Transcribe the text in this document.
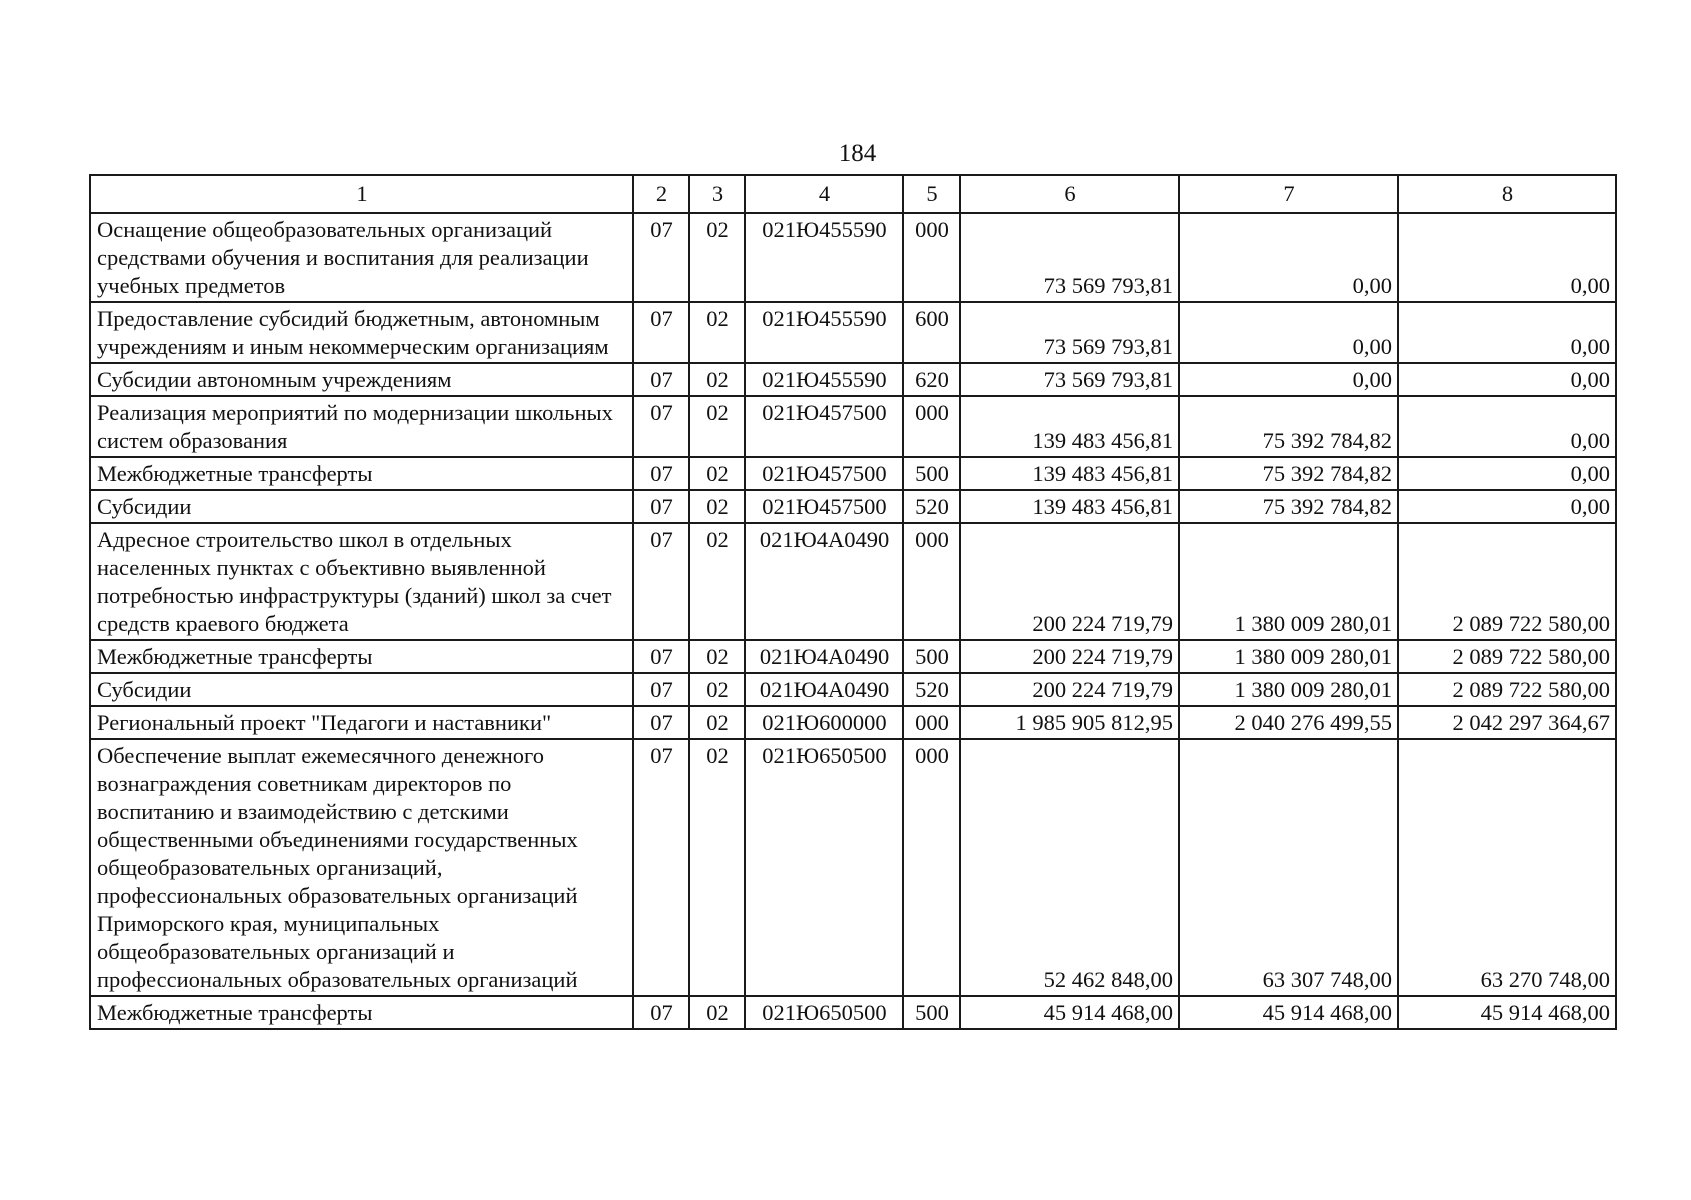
184
1	2	3	4	5	6	7	8
Оснащение общеобразовательных организаций средствами обучения и воспитания для реализации учебных предметов	07	02	021Ю455590	000	73 569 793,81	0,00	0,00
Предоставление субсидий бюджетным, автономным учреждениям и иным некоммерческим организациям	07	02	021Ю455590	600	73 569 793,81	0,00	0,00
Субсидии автономным учреждениям	07	02	021Ю455590	620	73 569 793,81	0,00	0,00
Реализация мероприятий по модернизации школьных систем образования	07	02	021Ю457500	000	139 483 456,81	75 392 784,82	0,00
Межбюджетные трансферты	07	02	021Ю457500	500	139 483 456,81	75 392 784,82	0,00
Субсидии	07	02	021Ю457500	520	139 483 456,81	75 392 784,82	0,00
Адресное строительство школ в отдельных населенных пунктах с объективно выявленной потребностью инфраструктуры (зданий) школ за счет средств краевого бюджета	07	02	021Ю4А0490	000	200 224 719,79	1 380 009 280,01	2 089 722 580,00
Межбюджетные трансферты	07	02	021Ю4А0490	500	200 224 719,79	1 380 009 280,01	2 089 722 580,00
Субсидии	07	02	021Ю4А0490	520	200 224 719,79	1 380 009 280,01	2 089 722 580,00
Региональный проект "Педагоги и наставники"	07	02	021Ю600000	000	1 985 905 812,95	2 040 276 499,55	2 042 297 364,67
Обеспечение выплат ежемесячного денежного вознаграждения советникам директоров по воспитанию и взаимодействию с детскими общественными объединениями государственных общеобразовательных организаций, профессиональных образовательных организаций Приморского края, муниципальных общеобразовательных организаций и профессиональных образовательных организаций	07	02	021Ю650500	000	52 462 848,00	63 307 748,00	63 270 748,00
Межбюджетные трансферты	07	02	021Ю650500	500	45 914 468,00	45 914 468,00	45 914 468,00
